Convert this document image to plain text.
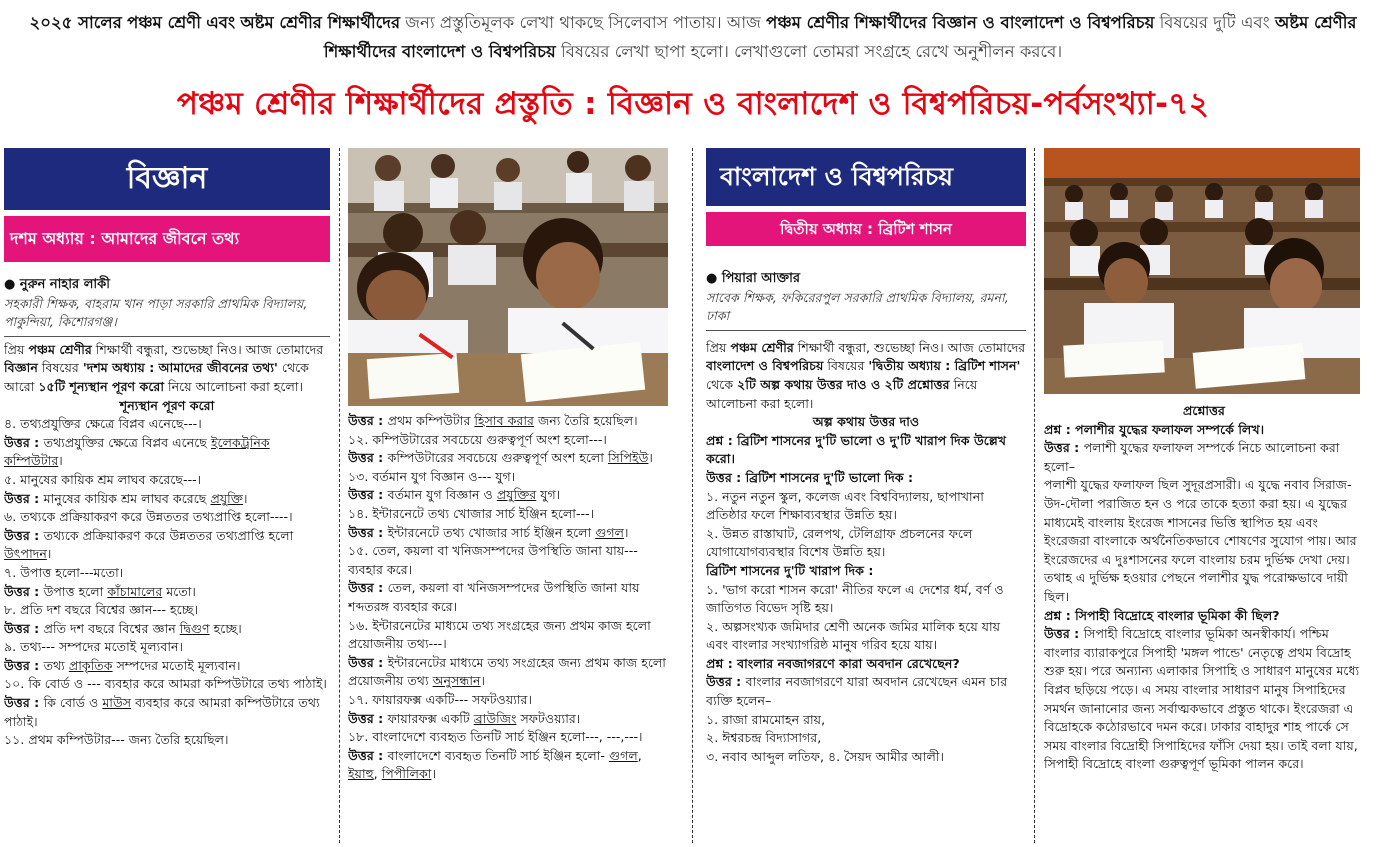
২০২৫ সালের পঞ্চম শ্রেণী এবং অষ্টম শ্রেণীর শিক্ষার্থীদের জন্য প্রস্তুতিমূলক লেখা থাকছে সিলেবাস পাতায়। আজ পঞ্চম শ্রেণীর শিক্ষার্থীদের বিজ্ঞান ও বাংলাদেশ ও বিশ্বপরিচয় বিষয়ের দুটি এবং অষ্টম শ্রেণীর শিক্ষার্থীদের বাংলাদেশ ও বিশ্বপরিচয় বিষয়ের লেখা ছাপা হলো। লেখাগুলো তোমরা সংগ্রহে রেখে অনুশীলন করবে।
পঞ্চম শ্রেণীর শিক্ষার্থীদের প্রস্তুতি : বিজ্ঞান ও বাংলাদেশ ও বিশ্বপরিচয়-পর্বসংখ্যা-৭২
বিজ্ঞান
দশম অধ্যায় : আমাদের জীবনে তথ্য
● নুরুন নাহার লাকী
সহকারী শিক্ষক, বাহরাম খান পাড়া সরকারি প্রাথমিক বিদ্যালয়, পাকুন্দিয়া, কিশোরগঞ্জ।

প্রিয় পঞ্চম শ্রেণীর শিক্ষার্থী বন্ধুরা, শুভেচ্ছা নিও। আজ তোমাদের বিজ্ঞান বিষয়ের 'দশম অধ্যায় : আমাদের জীবনের তথ্য' থেকে আরো ১৫টি শূন্যস্থান পূরণ করো নিয়ে আলোচনা করা হলো।

শূন্যস্থান পূরণ করো

৪. তথ্যপ্রযুক্তির ক্ষেত্রে বিপ্লব এনেছে---।

উত্তর : তথ্যপ্রযুক্তির ক্ষেত্রে বিপ্লব এনেছে ইলেকট্রনিক কম্পিউটার।

৫. মানুষের কায়িক শ্রম লাঘব করেছে---।

উত্তর : মানুষের কায়িক শ্রম লাঘব করেছে প্রযুক্তি।

৬. তথ্যকে প্রক্রিয়াকরণ করে উন্নততর তথ্যপ্রাপ্তি হলো----।

উত্তর : তথ্যকে প্রক্রিয়াকরণ করে উন্নততর তথ্যপ্রাপ্তি হলো উৎপাদন।

৭. উপাত্ত হলো---মতো।

উত্তর : উপাত্ত হলো কাঁচামালের মতো।

৮. প্রতি দশ বছরে বিশ্বের জ্ঞান--- হচ্ছে।

উত্তর : প্রতি দশ বছরে বিশ্বের জ্ঞান দ্বিগুণ হচ্ছে।

৯. তথ্য--- সম্পদের মতোই মূল্যবান।

উত্তর : তথ্য প্রাকৃতিক সম্পদের মতোই মূল্যবান।

১০. কি বোর্ড ও --- ব্যবহার করে আমরা কম্পিউটারে তথ্য পাঠাই।

উত্তর : কি বোর্ড ও মাউস ব্যবহার করে আমরা কম্পিউটারে তথ্য পাঠাই।

১১. প্রথম কম্পিউটার--- জন্য তৈরি হয়েছিল।

উত্তর : প্রথম কম্পিউটার হিসাব করার জন্য তৈরি হয়েছিল।

১২. কম্পিউটারের সবচেয়ে গুরুত্বপূর্ণ অংশ হলো---।

উত্তর : কম্পিউটারের সবচেয়ে গুরুত্বপূর্ণ অংশ হলো সিপিইউ।

১৩. বর্তমান যুগ বিজ্ঞান ও--- যুগ।

উত্তর : বর্তমান যুগ বিজ্ঞান ও প্রযুক্তির যুগ।

১৪. ইন্টারনেটে তথ্য খোজার সার্চ ইঞ্জিন হলো---।

উত্তর : ইন্টারনেটে তথ্য খোজার সার্চ ইঞ্জিন হলো গুগল।

১৫. তেল, কয়লা বা খনিজসম্পদের উপস্থিতি জানা যায়--- ব্যবহার করে।

উত্তর : তেল, কয়লা বা খনিজসম্পদের উপস্থিতি জানা যায় শব্দতরঙ্গ ব্যবহার করে।

১৬. ইন্টারনেটের মাধ্যমে তথ্য সংগ্রহের জন্য প্রথম কাজ হলো প্রয়োজনীয় তথ্য---।

উত্তর : ইন্টারনেটের মাধ্যমে তথ্য সংগ্রহের জন্য প্রথম কাজ হলো প্রয়োজনীয় তথ্য অনুসন্ধান।

১৭. ফায়ারফক্স একটি--- সফটওয়্যার।

উত্তর : ফায়ারফক্স একটি ব্রাউজিং সফটওয়্যার।

১৮. বাংলাদেশে ব্যবহৃত তিনটি সার্চ ইঞ্জিন হলো---, ---,---।

উত্তর : বাংলাদেশে ব্যবহৃত তিনটি সার্চ ইঞ্জিন হলো- গুগল, ইয়াহু, পিপীলিকা।

বাংলাদেশ ও বিশ্বপরিচয়
দ্বিতীয় অধ্যায় : ব্রিটিশ শাসন
● পিয়ারা আক্তার
সাবেক শিক্ষক, ফকিরেরপুল সরকারি প্রাথমিক বিদ্যালয়, রমনা, ঢাকা

প্রিয় পঞ্চম শ্রেণীর শিক্ষার্থী বন্ধুরা, শুভেচ্ছা নিও। আজ তোমাদের বাংলাদেশ ও বিশ্বপরিচয় বিষয়ের 'দ্বিতীয় অধ্যায় : ব্রিটিশ শাসন' থেকে ২টি অল্প কথায় উত্তর দাও ও ২টি প্রশ্নোত্তর নিয়ে আলোচনা করা হলো।

অল্প কথায় উত্তর দাও

প্রশ্ন : ব্রিটিশ শাসনের দু'টি ভালো ও দু'টি খারাপ দিক উল্লেখ করো।

উত্তর : ব্রিটিশ শাসনের দু'টি ভালো দিক :

১. নতুন নতুন স্কুল, কলেজ এবং বিশ্ববিদ্যালয়, ছাপাখানা প্রতিষ্ঠার ফলে শিক্ষাব্যবস্থার উন্নতি হয়।

২. উন্নত রাস্তাঘাট, রেলপথ, টেলিগ্রাফ প্রচলনের ফলে যোগাযোগব্যবস্থার বিশেষ উন্নতি হয়।

ব্রিটিশ শাসনের দু'টি খারাপ দিক :

১. 'ভাগ করো শাসন করো' নীতির ফলে এ দেশের ধর্ম, বর্ণ ও জাতিগত বিভেদ সৃষ্টি হয়।

২. অল্পসংখ্যক জমিদার শ্রেণী অনেক জমির মালিক হয়ে যায় এবং বাংলার সংখ্যাগরিষ্ঠ মানুষ গরিব হয়ে যায়।

প্রশ্ন : বাংলার নবজাগরণে কারা অবদান রেখেছেন?

উত্তর : বাংলার নবজাগরণে যারা অবদান রেখেছেন এমন চার ব্যক্তি হলেন–

১. রাজা রামমোহন রায়,

২. ঈশ্বরচন্দ্র বিদ্যাসাগর,

৩. নবাব আব্দুল লতিফ, ৪. সৈয়দ আমীর আলী।

প্রশ্নোত্তর

প্রশ্ন : পলাশীর যুদ্ধের ফলাফল সম্পর্কে লিখ।

উত্তর : পলাশী যুদ্ধের ফলাফল সম্পর্কে নিচে আলোচনা করা হলো–

পলাশী যুদ্ধের ফলাফল ছিল সুদূরপ্রসারী। এ যুদ্ধে নবাব সিরাজ-উদ-দৌলা পরাজিত হন ও পরে তাকে হত্যা করা হয়। এ যুদ্ধের মাধ্যমেই বাংলায় ইংরেজ শাসনের ভিত্তি স্থাপিত হয় এবং ইংরেজরা বাংলাকে অর্থনৈতিকভাবে শোষণের সুযোগ পায়। আর ইংরেজদের এ দুঃশাসনের ফলে বাংলায় চরম দুর্ভিক্ষ দেখা দেয়। তথাহ এ দুর্ভিক্ষ হওয়ার পেছনে পলাশীর যুদ্ধ পরোক্ষভাবে দায়ী ছিল।

প্রশ্ন : সিপাহী বিদ্রোহে বাংলার ভূমিকা কী ছিল?

উত্তর : সিপাহী বিদ্রোহে বাংলার ভূমিকা অনস্বীকার্য। পশ্চিম বাংলার ব্যারাকপুরে সিপাহী 'মঙ্গল পান্ডে' নেতৃত্বে প্রথম বিদ্রোহ শুরু হয়। পরে অন্যান্য এলাকার সিপাহি ও সাধারণ মানুষের মধ্যে বিপ্লব ছড়িয়ে পড়ে। এ সময় বাংলার সাধারণ মানুষ সিপাহিদের সমর্থন জানানোর জন্য সর্বাত্মকভাবে প্রস্তুত থাকে। ইংরেজরা এ বিদ্রোহকে কঠোরভাবে দমন করে। ঢাকার বাহাদুর শাহ পার্কে সে সময় বাংলার বিদ্রোহী সিপাহিদের ফাঁসি দেয়া হয়। তাই বলা যায়, সিপাহী বিদ্রোহে বাংলা গুরুত্বপূর্ণ ভূমিকা পালন করে।
